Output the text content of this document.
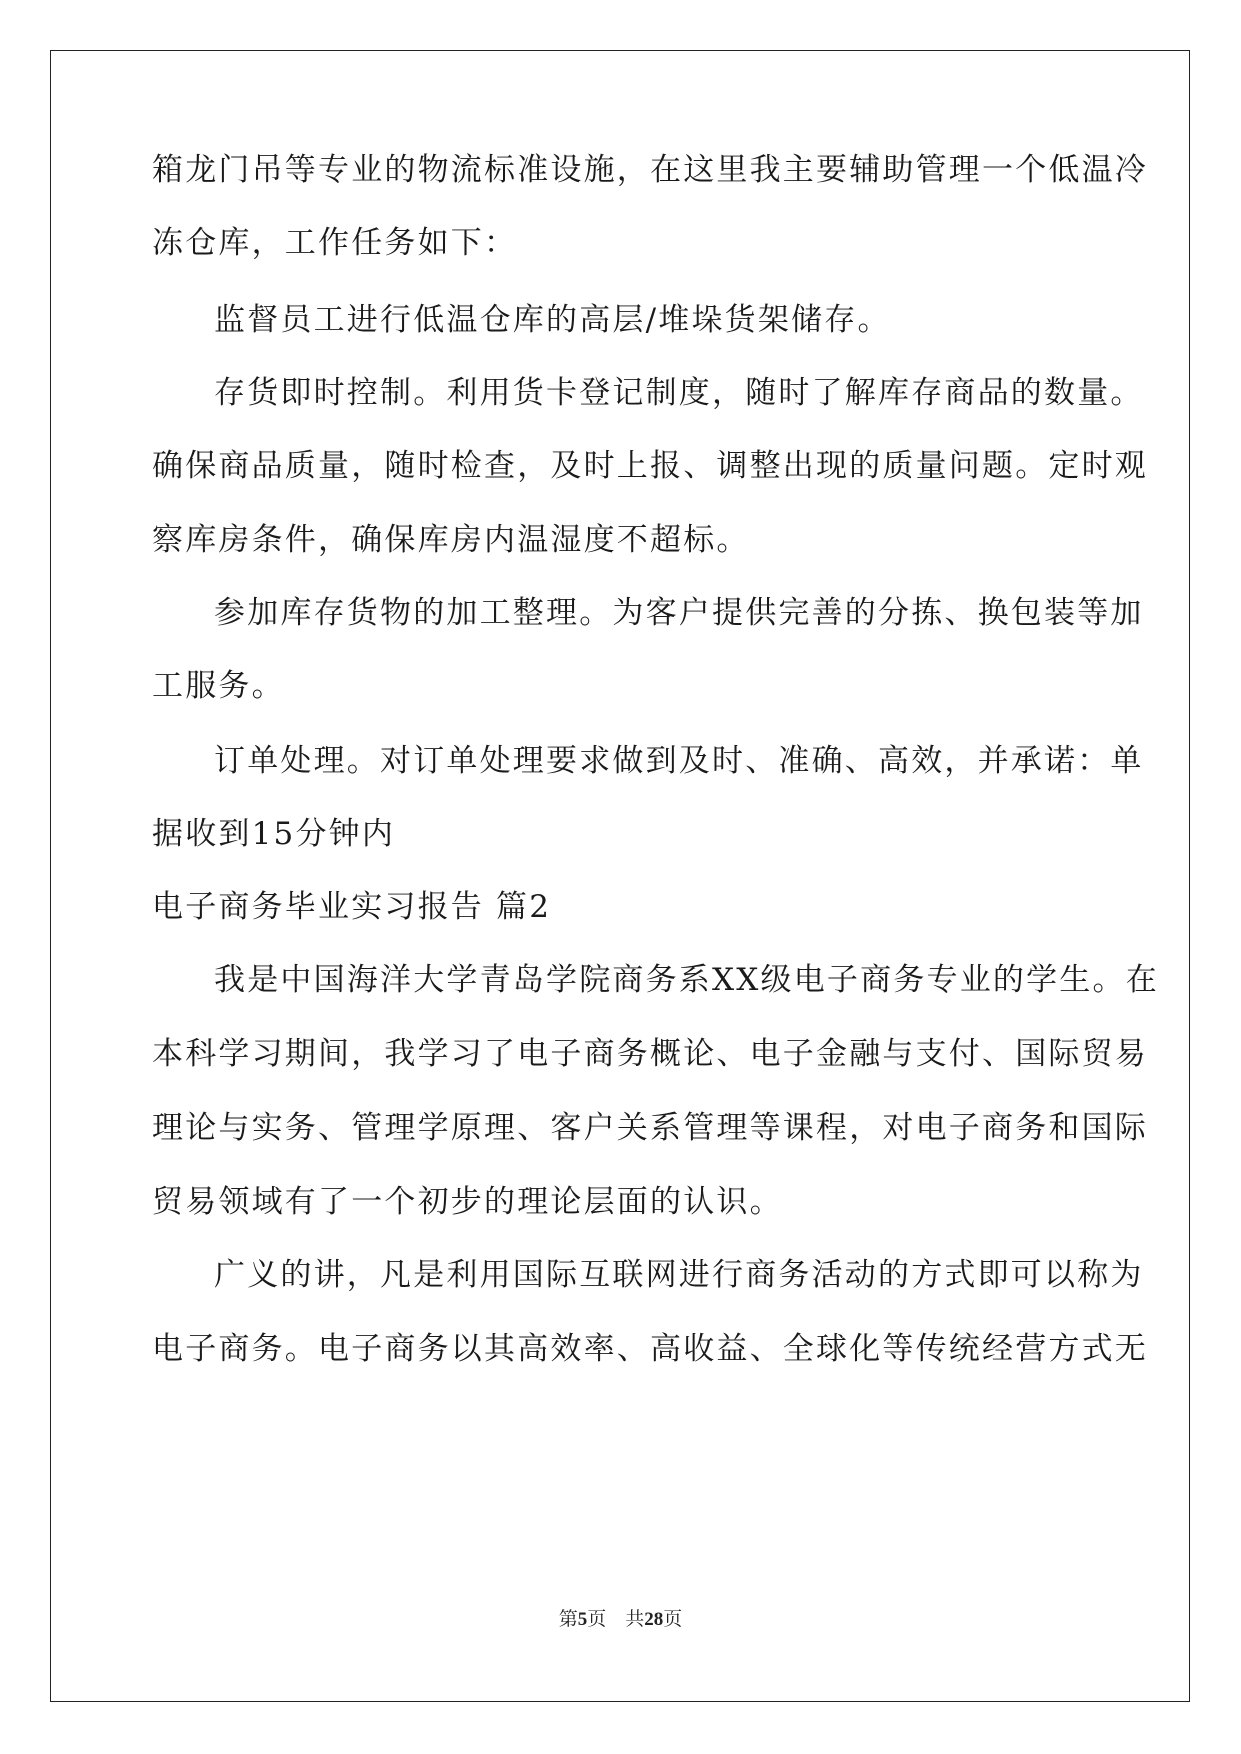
箱龙门吊等专业的物流标准设施，在这里我主要辅助管理一个低温冷
冻仓库，工作任务如下：
监督员工进行低温仓库的高层/堆垛货架储存。
存货即时控制。利用货卡登记制度，随时了解库存商品的数量。
确保商品质量，随时检查，及时上报、调整出现的质量问题。定时观
察库房条件，确保库房内温湿度不超标。
参加库存货物的加工整理。为客户提供完善的分拣、换包装等加
工服务。
订单处理。对订单处理要求做到及时、准确、高效，并承诺：单
据收到15分钟内
电子商务毕业实习报告 篇2
我是中国海洋大学青岛学院商务系XX级电子商务专业的学生。在
本科学习期间，我学习了电子商务概论、电子金融与支付、国际贸易
理论与实务、管理学原理、客户关系管理等课程，对电子商务和国际
贸易领域有了一个初步的理论层面的认识。
广义的讲，凡是利用国际互联网进行商务活动的方式即可以称为
电子商务。电子商务以其高效率、高收益、全球化等传统经营方式无
第5页　共28页
